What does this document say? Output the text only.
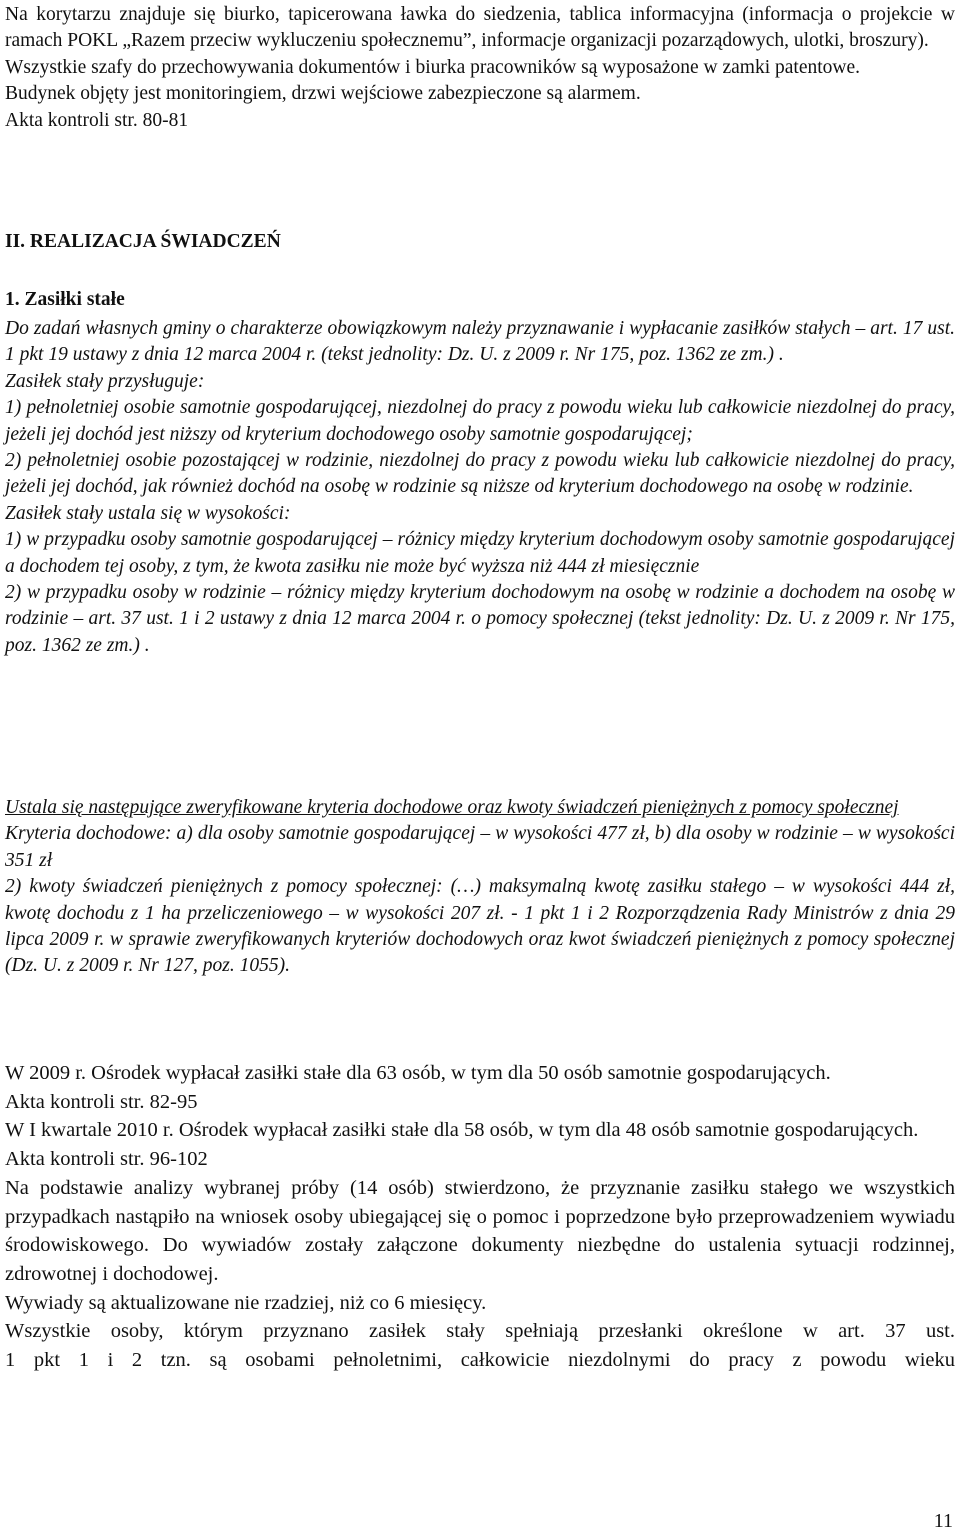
Na korytarzu znajduje się biurko, tapicerowana ławka do siedzenia, tablica informacyjna (informacja o projekcie w ramach POKL „Razem przeciw wykluczeniu społecznemu”, informacje organizacji pozarządowych, ulotki, broszury).
Wszystkie szafy do przechowywania dokumentów i biurka pracowników są wyposażone w zamki patentowe.
Budynek objęty jest monitoringiem, drzwi wejściowe zabezpieczone są alarmem.
Akta kontroli str. 80-81
II. REALIZACJA ŚWIADCZEŃ
1. Zasiłki stałe
Do zadań własnych gminy o charakterze obowiązkowym należy przyznawanie i wypłacanie zasiłków stałych – art. 17 ust. 1 pkt 19 ustawy z dnia 12 marca 2004 r. (tekst jednolity: Dz. U. z 2009 r. Nr 175, poz. 1362 ze zm.) .
Zasiłek stały przysługuje:
1) pełnoletniej osobie samotnie gospodarującej, niezdolnej do pracy z powodu wieku lub całkowicie niezdolnej do pracy, jeżeli jej dochód jest niższy od kryterium dochodowego osoby samotnie gospodarującej;
2) pełnoletniej osobie pozostającej w rodzinie, niezdolnej do pracy z powodu wieku lub całkowicie niezdolnej do pracy, jeżeli jej dochód, jak również dochód na osobę w rodzinie są niższe od kryterium dochodowego na osobę w rodzinie.
Zasiłek stały ustala się w wysokości:
1) w przypadku osoby samotnie gospodarującej – różnicy między kryterium dochodowym osoby samotnie gospodarującej a dochodem tej osoby, z tym, że kwota zasiłku nie może być wyższa niż 444 zł miesięcznie
2) w przypadku osoby w rodzinie – różnicy między kryterium dochodowym na osobę w rodzinie a dochodem na osobę w rodzinie – art. 37 ust. 1 i 2 ustawy z dnia 12 marca 2004 r. o pomocy społecznej (tekst jednolity: Dz. U. z 2009 r. Nr 175, poz. 1362 ze zm.) .
Ustala się następujące zweryfikowane kryteria dochodowe oraz kwoty świadczeń pieniężnych z pomocy społecznej
Kryteria dochodowe: a) dla osoby samotnie gospodarującej – w wysokości 477 zł, b) dla osoby w rodzinie – w wysokości 351 zł
2) kwoty świadczeń pieniężnych z pomocy społecznej: (…) maksymalną kwotę zasiłku stałego – w wysokości 444 zł, kwotę dochodu z 1 ha przeliczeniowego – w wysokości 207 zł. - 1 pkt 1 i 2 Rozporządzenia Rady Ministrów z dnia 29 lipca 2009 r. w sprawie zweryfikowanych kryteriów dochodowych oraz kwot świadczeń pieniężnych z pomocy społecznej (Dz. U. z 2009 r. Nr 127, poz. 1055).
W 2009 r. Ośrodek wypłacał zasiłki stałe dla 63 osób, w tym dla 50 osób samotnie gospodarujących.
Akta kontroli str. 82-95
W I kwartale 2010 r. Ośrodek wypłacał zasiłki stałe dla 58 osób, w tym dla 48 osób samotnie gospodarujących.
Akta kontroli str. 96-102
Na podstawie analizy wybranej próby (14 osób) stwierdzono, że przyznanie zasiłku stałego we wszystkich przypadkach nastąpiło na wniosek osoby ubiegającej się o pomoc i poprzedzone było przeprowadzeniem wywiadu środowiskowego. Do wywiadów zostały załączone dokumenty niezbędne do ustalenia sytuacji rodzinnej, zdrowotnej i dochodowej.
Wywiady są aktualizowane nie rzadziej, niż co 6 miesięcy.
Wszystkie osoby, którym przyznano zasiłek stały spełniają przesłanki określone w art. 37 ust.
1 pkt 1 i 2 tzn. są osobami pełnoletnimi, całkowicie niezdolnymi do pracy z powodu wieku
11
